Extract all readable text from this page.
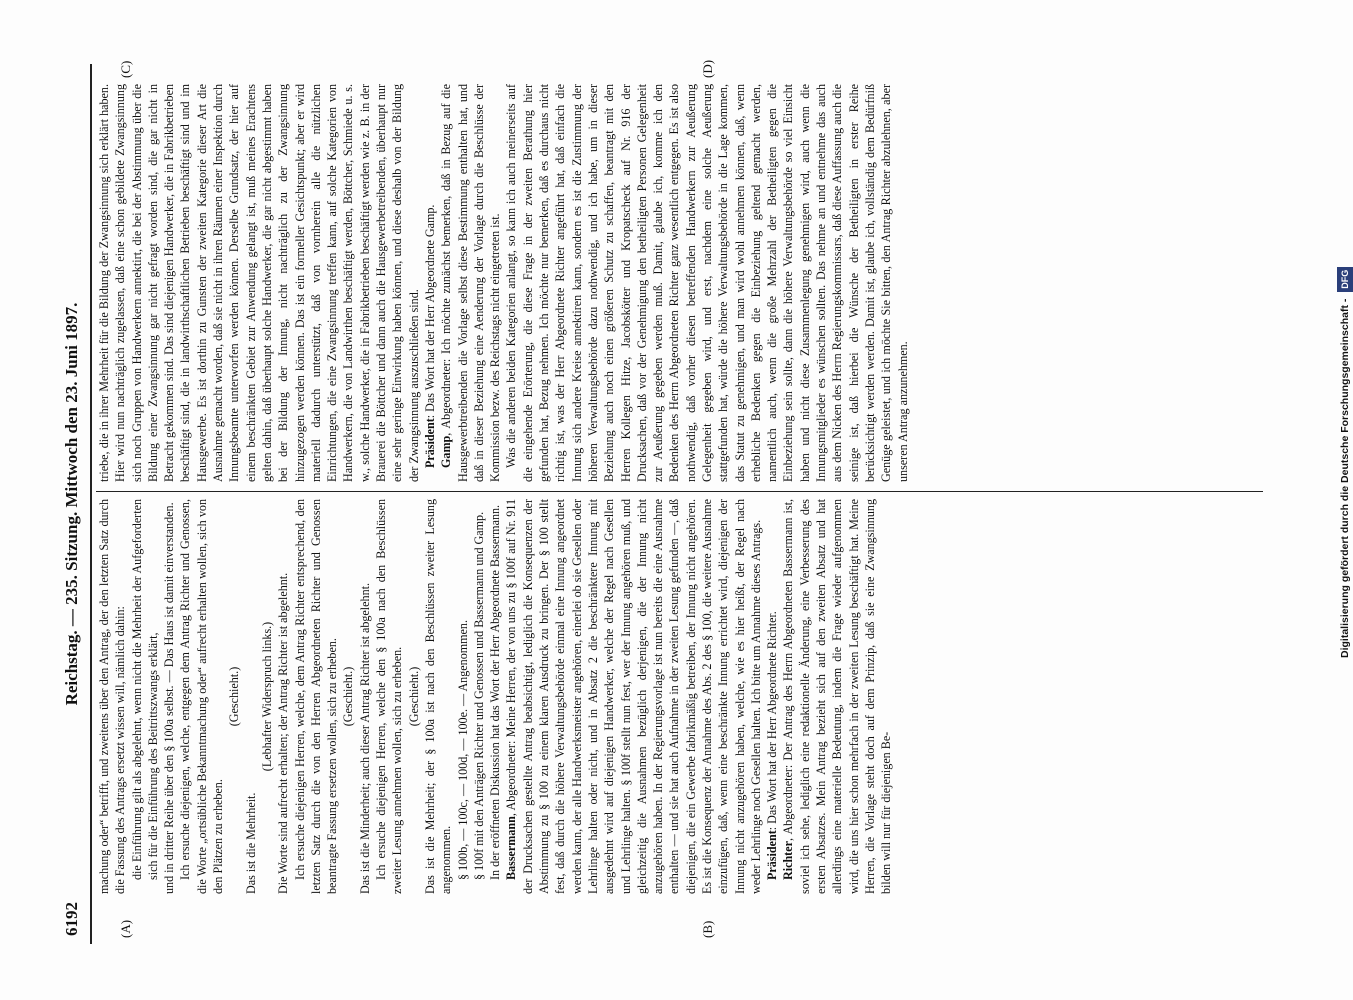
6192
Reichstag. — 235. Sitzung. Mittwoch den 23. Juni 1897.
(A)	(B)
(C)	(D)

machung oder“ betrifft, und zweitens über den Antrag, der den letzten Satz durch die Fassung des Antrags ersetzt wissen will, nämlich dahin: die Einführung gilt als abgelehnt, wenn nicht die Mehrheit der Aufgeforderten sich für die Einführung des Beitrittszwangs erklärt, und in dritter Reihe über den § 100a selbst. — Das Haus ist damit einverstanden. Ich ersuche diejenigen, welche, entgegen dem Antrag Richter und Genossen, die Worte „ortsübliche Bekanntmachung oder“ aufrecht erhalten wollen, sich von den Plätzen zu erheben.

(Geschieht.)

Das ist die Mehrheit.

(Lebhafter Widerspruch links.) Die Worte sind aufrecht erhalten; der Antrag Richter ist abgelehnt. Ich ersuche diejenigen Herren, welche, dem Antrag Richter entsprechend, den letzten Satz durch die von den Herren Abgeordneten Richter und Genossen beantragte Fassung ersetzen wollen, sich zu erheben. (Geschieht.) Das ist die Minderheit; auch dieser Antrag Richter ist abgelehnt. Ich ersuche diejenigen Herren, welche den § 100a nach den Beschlüssen zweiter Lesung annehmen wollen, sich zu erheben. (Geschieht.) Das ist die Mehrheit; der § 100a ist nach den Beschlüssen zweiter Lesung angenommen. § 100b, — 100c, — 100d, — 100e. — Angenommen. § 100f mit den Anträgen Richter und Genossen und Bassermann und Gamp. In der eröffneten Diskussion hat das Wort der Herr Abgeordnete Bassermann. Bassermann, Abgeordneter: Meine Herren, der von uns zu § 100f auf Nr. 911 der Drucksachen gestellte Antrag beabsichtigt, lediglich die Konsequenzen der Abstimmung zu § 100 zu einem klaren Ausdruck zu bringen. Der § 100 stellt fest, daß durch die höhere Verwaltungsbehörde einmal eine Innung angeordnet werden kann, der alle Handwerksmeister angehören, einerlei ob sie Gesellen oder Lehrlinge halten oder nicht, und in Absatz 2 die beschränktere Innung mit ausgedehnt wird auf diejenigen Handwerker, welche der Regel nach Gesellen und Lehrlinge halten. § 100f stellt nun fest, wer der Innung angehören muß, und gleichzeitig die Ausnahmen bezüglich derjenigen, die der Innung nicht anzugehören haben. In der Regierungsvorlage ist nun bereits die eine Ausnahme enthalten — und sie hat auch Aufnahme in der zweiten Lesung gefunden —, daß diejenigen, die ein Gewerbe fabrikmäßig betreiben, der Innung nicht angehören. Es ist die Konsequenz der Annahme des Abs. 2 des § 100, die weitere Ausnahme einzufügen, daß, wenn eine beschränkte Innung errichtet wird, diejenigen der Innung nicht anzugehören haben, welche, wie es hier heißt, der Regel nach weder Lehrlinge noch Gesellen halten. Ich bitte um Annahme dieses Antrags. Präsident: Das Wort hat der Herr Abgeordnete Richter.

Richter, Abgeordneter: Der Antrag des Herrn Abgeordneten Bassermann ist, soviel ich sehe, lediglich eine redaktionelle Änderung, eine Verbesserung des ersten Absatzes. Mein Antrag bezieht sich auf den zweiten Absatz und hat allerdings eine materielle Bedeutung, indem die Frage wieder aufgenommen wird, die uns hier schon mehrfach in der zweiten Lesung beschäftigt hat. Meine Herren, die Vorlage steht doch auf dem Prinzip, daß sie eine Zwangsinnung bilden will nur für diejenigen Be-

triebe, die in ihrer Mehrheit für die Bildung der Zwangsinnung sich erklärt haben. Hier wird nun nachträglich zugelassen, daß eine schon gebildete Zwangsinnung sich noch Gruppen von Handwerkern annektirt, die bei der Abstimmung über die Bildung einer Zwangsinnung gar nicht gefragt worden sind, die gar nicht in Betracht gekommen sind. Das sind diejenigen Handwerker, die in Fabrikbetrieben beschäftigt sind, die in landwirthschaftlichen Betrieben beschäftigt sind und im Hausgewerbe. Es ist dorthin zu Gunsten der zweiten Kategorie dieser Art die Ausnahme gemacht worden, daß sie nicht in ihren Räumen einer Inspektion durch Innungsbeamte unterworfen werden können. Derselbe Grundsatz, der hier auf einem beschränkten Gebiet zur Anwendung gelangt ist, muß meines Erachtens gelten dahin, daß überhaupt solche Handwerker, die gar nicht abgestimmt haben bei der Bildung der Innung, nicht nachträglich zu der Zwangsinnung hinzugezogen werden können. Das ist ein formeller Gesichtspunkt; aber er wird materiell dadurch unterstützt, daß von vornherein alle die nützlichen Einrichtungen, die eine Zwangsinnung treffen kann, auf solche Kategorien von Handwerkern, die von Landwirthen beschäftigt werden, Böttcher, Schmiede u. s. w., solche Handwerker, die in Fabrikbetrieben beschäftigt werden wie z. B. in der Brauerei die Böttcher und dann auch die Hausgewerbetreibenden, überhaupt nur eine sehr geringe Einwirkung haben können, und diese deshalb von der Bildung der Zwangsinnung auszuschließen sind. Präsident: Das Wort hat der Herr Abgeordnete Gamp.

Gamp, Abgeordneter: Ich möchte zunächst bemerken, daß in Bezug auf die Hausgewerbtreibenden die Vorlage selbst diese Bestimmung enthalten hat, und daß in dieser Beziehung eine Aenderung der Vorlage durch die Beschlüsse der Kommission bezw. des Reichstags nicht eingetreten ist. Was die anderen beiden Kategorien anlangt, so kann ich auch meinerseits auf die eingehende Erörterung, die diese Frage in der zweiten Berathung hier gefunden hat, Bezug nehmen. Ich möchte nur bemerken, daß es durchaus nicht richtig ist, was der Herr Abgeordnete Richter angeführt hat, daß einfach die Innung sich andere Kreise annektiren kann, sondern es ist die Zustimmung der höheren Verwaltungsbehörde dazu nothwendig, und ich habe, um in dieser Beziehung auch noch einen größeren Schutz zu schaffen, beantragt mit den Herren Kollegen Hitze, Jacobskötter und Kropatscheck auf Nr. 916 der Drucksachen, daß vor der Genehmigung den betheiligten Personen Gelegenheit zur Aeußerung gegeben werden muß. Damit, glaube ich, komme ich den Bedenken des Herrn Abgeordneten Richter ganz wesentlich entgegen. Es ist also nothwendig, daß vorher diesen betreffenden Handwerkern zur Aeußerung Gelegenheit gegeben wird, und erst, nachdem eine solche Aeußerung stattgefunden hat, würde die höhere Verwaltungsbehörde in die Lage kommen, das Statut zu genehmigen, und man wird wohl annehmen können, daß, wenn erhebliche Bedenken gegen die Einbeziehung geltend gemacht werden, namentlich auch, wenn die große Mehrzahl der Betheiligten gegen die Einbeziehung sein sollte, dann die höhere Verwaltungsbehörde so viel Einsicht haben und nicht diese Zusammenlegung genehmigen wird, auch wenn die Innungsmitglieder es wünschen sollten. Das nehme an und entnehme das auch aus dem Nicken des Herrn Regierungskommissars, daß diese Auffassung auch die seinige ist, daß hierbei die Wünsche der Betheiligten in erster Reihe berücksichtigt werden werden. Damit ist, glaube ich, vollständig dem Bedürfniß Genüge geleistet, und ich möchte Sie bitten, den Antrag Richter abzulehnen, aber unseren Antrag anzunehmen.	Digitalisierung gefördert durch die Deutsche Forschungsgemeinschaft - DFG
